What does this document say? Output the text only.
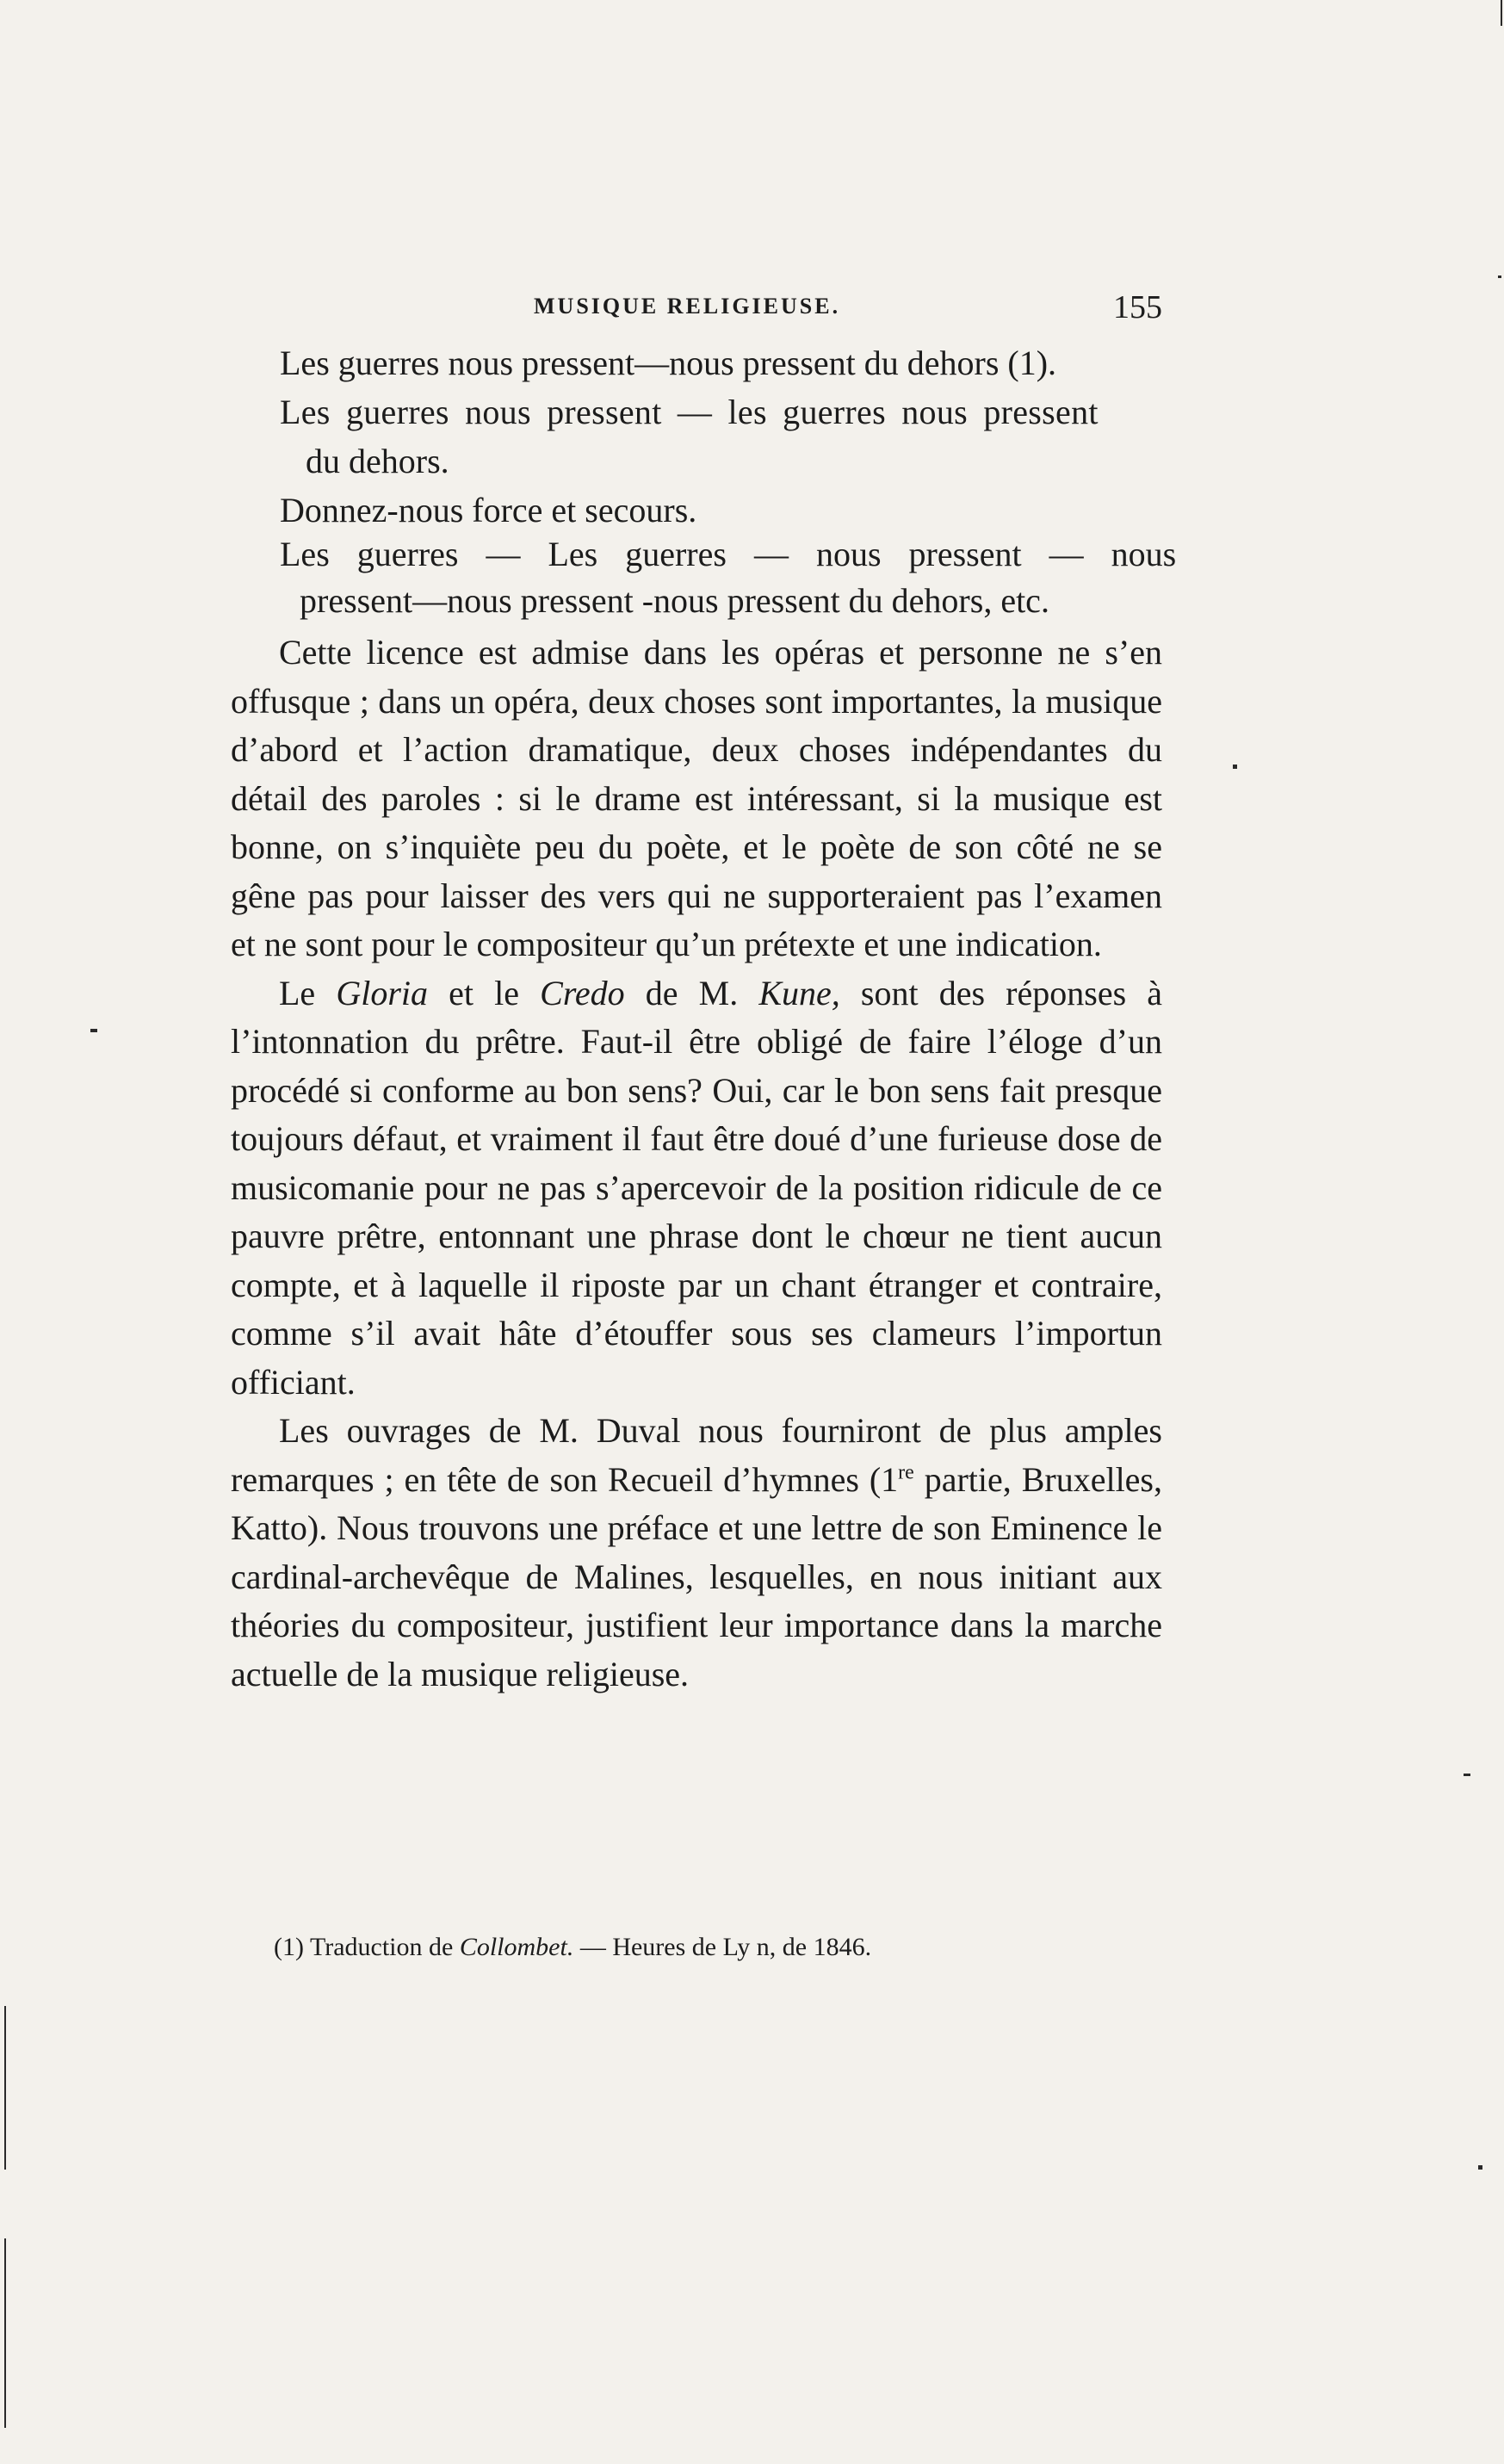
MUSIQUE RELIGIEUSE.	155
Les guerres nous pressent—nous pressent du dehors (1).
Les guerres nous pressent — les guerres nous pressent
du dehors.
Donnez-nous force et secours.
Les guerres — Les guerres — nous pressent — nous
pressent—nous pressent -nous pressent du dehors, etc.

Cette licence est admise dans les opéras et personne ne s’en offusque ; dans un opéra, deux choses sont importantes, la musique d’abord et l’action dramatique, deux choses indépendantes du détail des paroles : si le drame est intéressant, si la musique est bonne, on s’inquiète peu du poète, et le poète de son côté ne se gêne pas pour laisser des vers qui ne supporteraient pas l’examen et ne sont pour le compositeur qu’un prétexte et une indication.

Le Gloria et le Credo de M. Kune, sont des réponses à l’intonnation du prêtre. Faut-il être obligé de faire l’éloge d’un procédé si conforme au bon sens? Oui, car le bon sens fait presque toujours défaut, et vraiment il faut être doué d’une furieuse dose de musicomanie pour ne pas s’apercevoir de la position ridicule de ce pauvre prêtre, entonnant une phrase dont le chœur ne tient aucun compte, et à laquelle il riposte par un chant étranger et contraire, comme s’il avait hâte d’étouffer sous ses clameurs l’importun officiant.

Les ouvrages de M. Duval nous fourniront de plus amples remarques ; en tête de son Recueil d’hymnes (1re partie, Bruxelles, Katto). Nous trouvons une préface et une lettre de son Eminence le cardinal-archevêque de Malines, lesquelles, en nous initiant aux théories du compositeur, justifient leur importance dans la marche actuelle de la musique religieuse.

(1) Traduction de Collombet. — Heures de Ly n, de 1846.
